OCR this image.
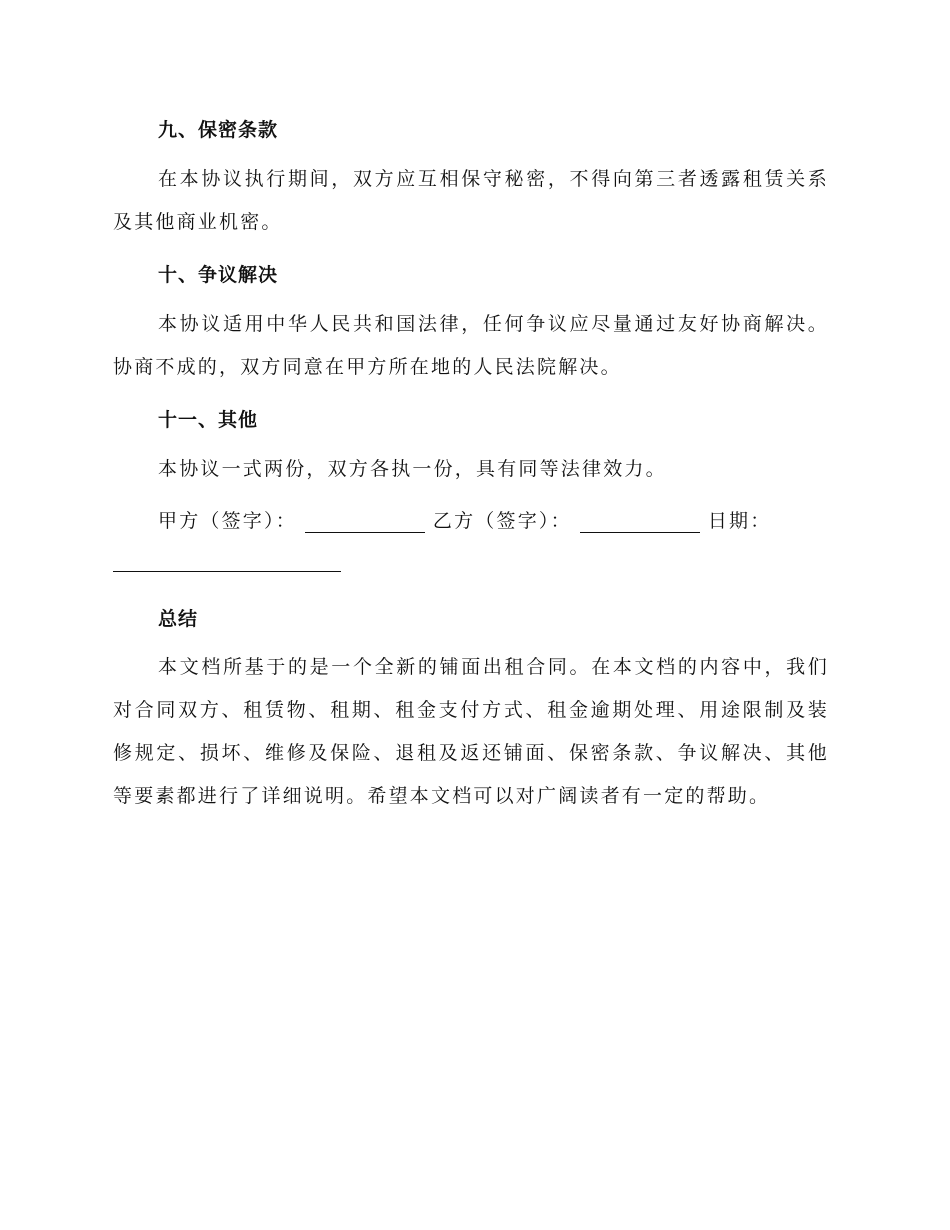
九、保密条款

在本协议执行期间，双方应互相保守秘密，不得向第三者透露租赁关系及其他商业机密。

十、争议解决

本协议适用中华人民共和国法律，任何争议应尽量通过友好协商解决。协商不成的，双方同意在甲方所在地的人民法院解决。

十一、其他

本协议一式两份，双方各执一份，具有同等法律效力。

甲方（签字）：	乙方（签字）：	日期：
总结

本文档所基于的是一个全新的铺面出租合同。在本文档的内容中，我们对合同双方、租赁物、租期、租金支付方式、租金逾期处理、用途限制及装修规定、损坏、维修及保险、退租及返还铺面、保密条款、争议解决、其他等要素都进行了详细说明。希望本文档可以对广阔读者有一定的帮助。
